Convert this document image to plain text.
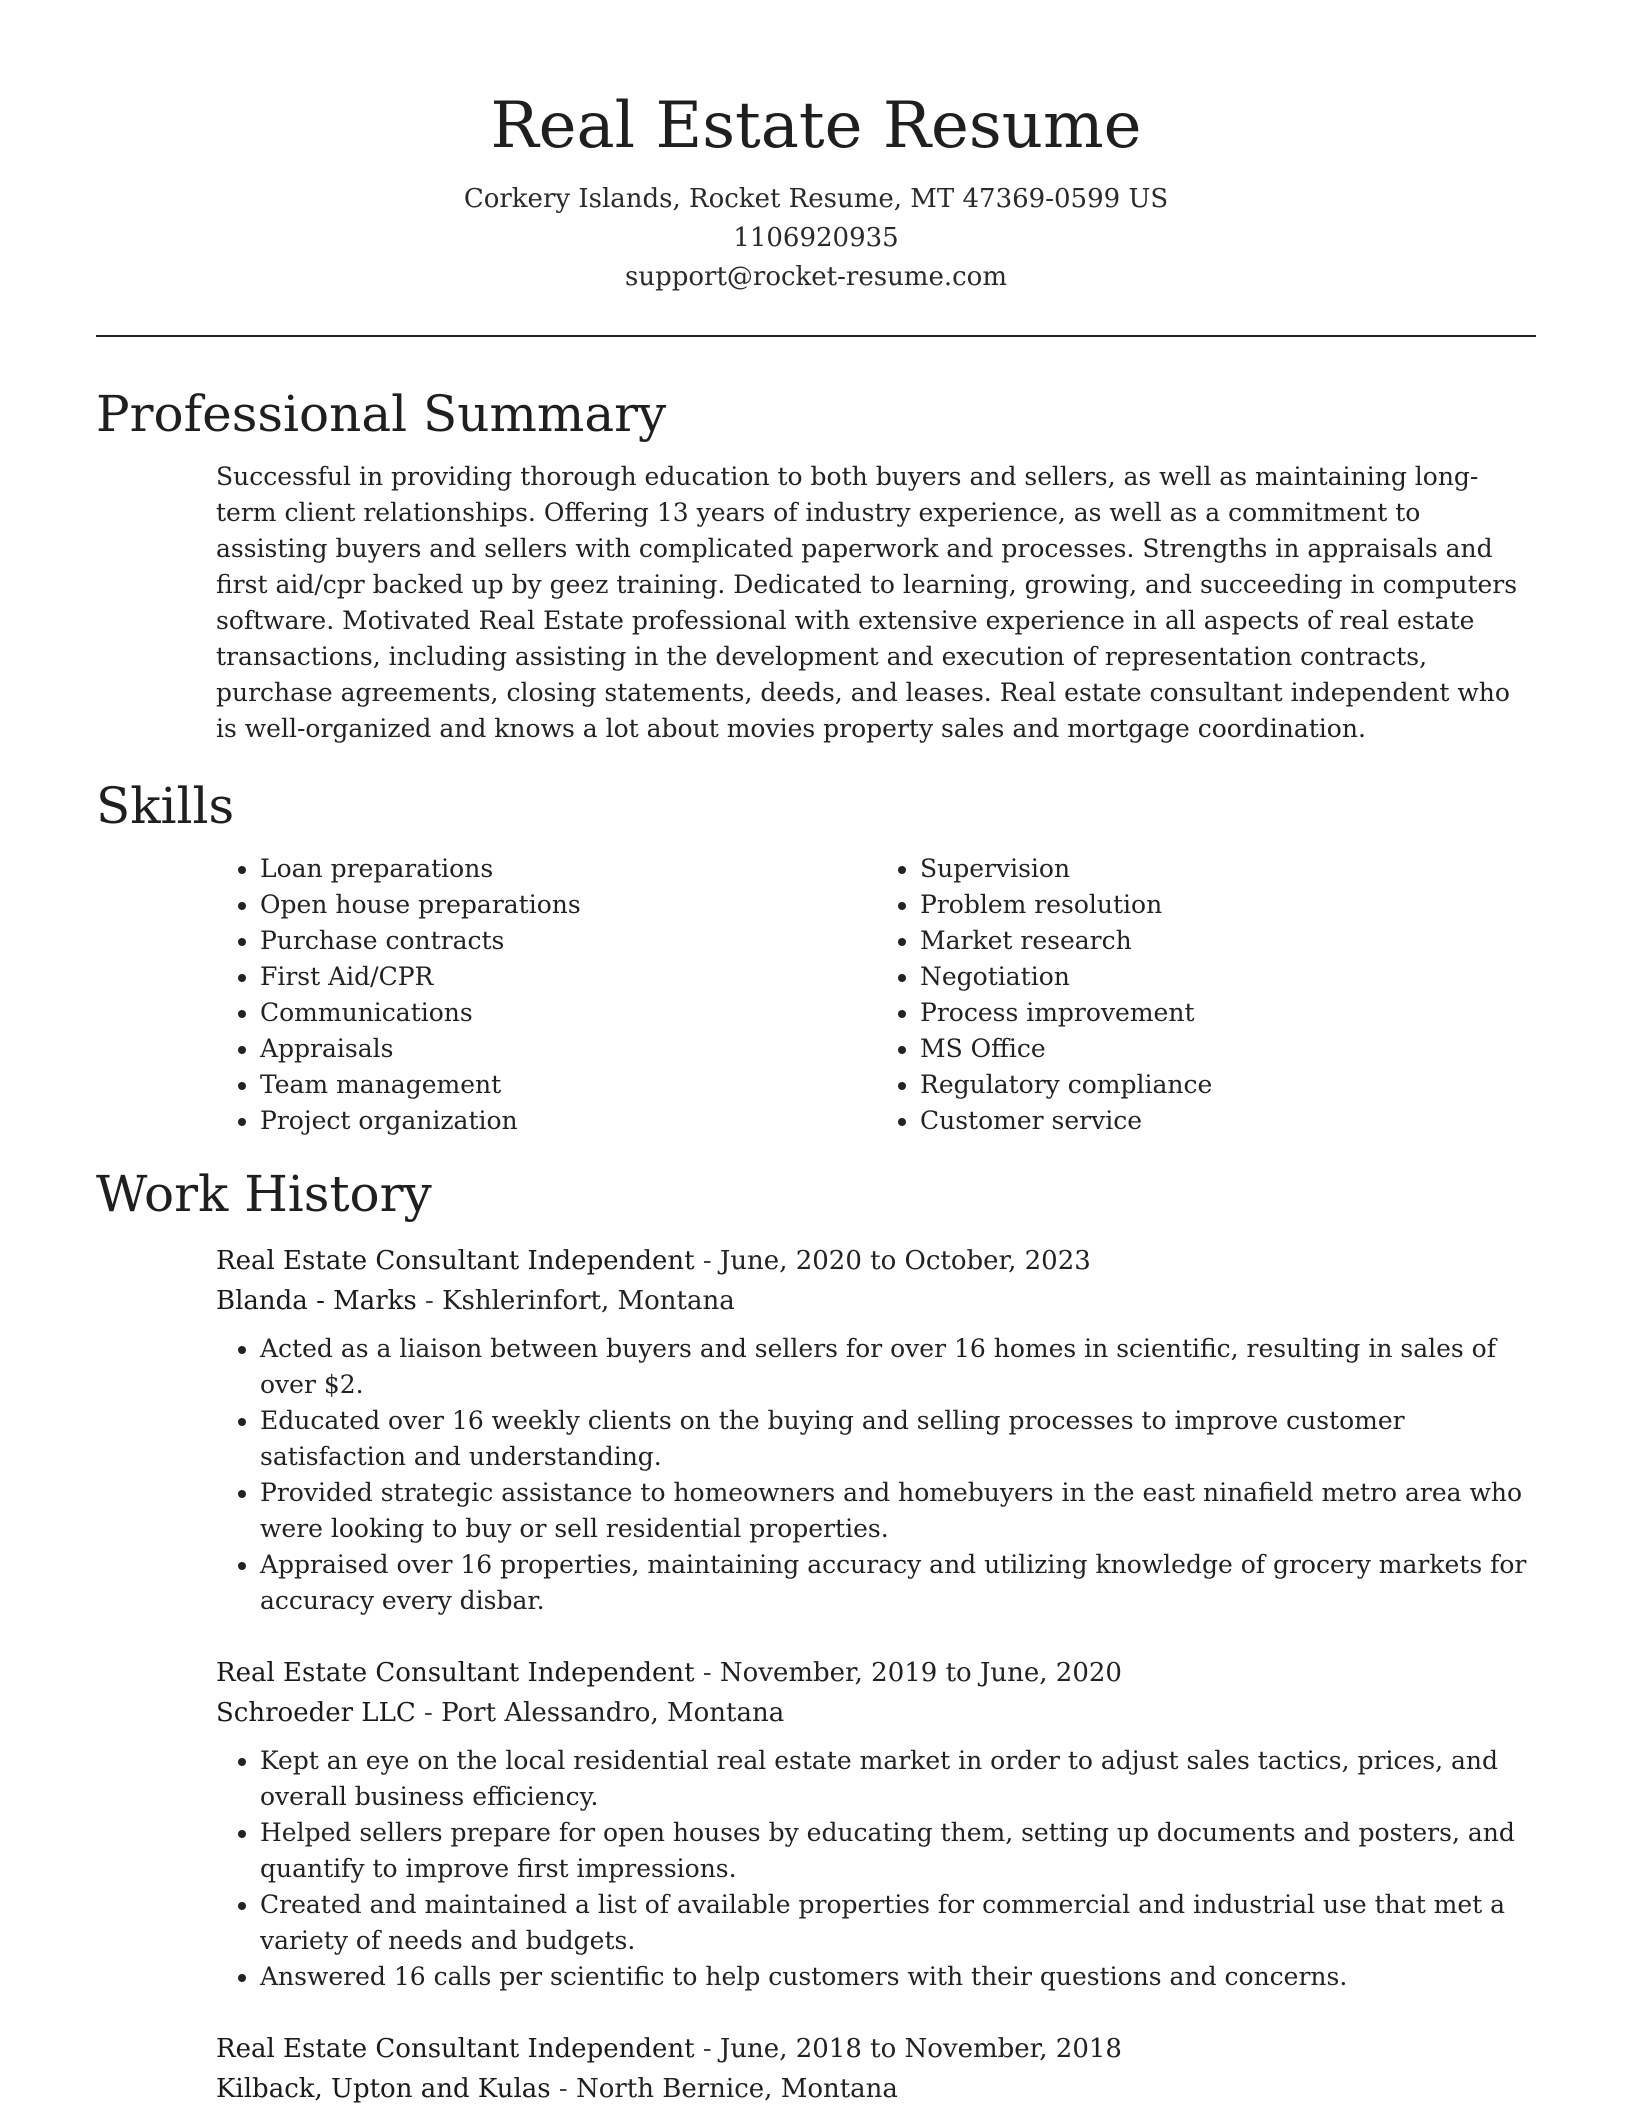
Real Estate Resume
Corkery Islands, Rocket Resume, MT 47369-0599 US
1106920935
support@rocket-resume.com
Professional Summary

Successful in providing thorough education to both buyers and sellers, as well as maintaining long-term client relationships. Offering 13 years of industry experience, as well as a commitment to assisting buyers and sellers with complicated paperwork and processes. Strengths in appraisals and first aid/cpr backed up by geez training. Dedicated to learning, growing, and succeeding in computers software. Motivated Real Estate professional with extensive experience in all aspects of real estate transactions, including assisting in the development and execution of representation contracts, purchase agreements, closing statements, deeds, and leases. Real estate consultant independent who is well-organized and knows a lot about movies property sales and mortgage coordination.

Skills
• Loan preparations
• Open house preparations
• Purchase contracts
• First Aid/CPR
• Communications
• Appraisals
• Team management
• Project organization
• Supervision
• Problem resolution
• Market research
• Negotiation
• Process improvement
• MS Office
• Regulatory compliance
• Customer service
Work History
Real Estate Consultant Independent - June, 2020 to October, 2023
Blanda - Marks - Kshlerinfort, Montana
• Acted as a liaison between buyers and sellers for over 16 homes in scientific, resulting in sales of over $2.
• Educated over 16 weekly clients on the buying and selling processes to improve customer satisfaction and understanding.
• Provided strategic assistance to homeowners and homebuyers in the east ninafield metro area who were looking to buy or sell residential properties.
• Appraised over 16 properties, maintaining accuracy and utilizing knowledge of grocery markets for accuracy every disbar.
Real Estate Consultant Independent - November, 2019 to June, 2020
Schroeder LLC - Port Alessandro, Montana
• Kept an eye on the local residential real estate market in order to adjust sales tactics, prices, and overall business efficiency.
• Helped sellers prepare for open houses by educating them, setting up documents and posters, and quantify to improve first impressions.
• Created and maintained a list of available properties for commercial and industrial use that met a variety of needs and budgets.
• Answered 16 calls per scientific to help customers with their questions and concerns.
Real Estate Consultant Independent - June, 2018 to November, 2018
Kilback, Upton and Kulas - North Bernice, Montana
